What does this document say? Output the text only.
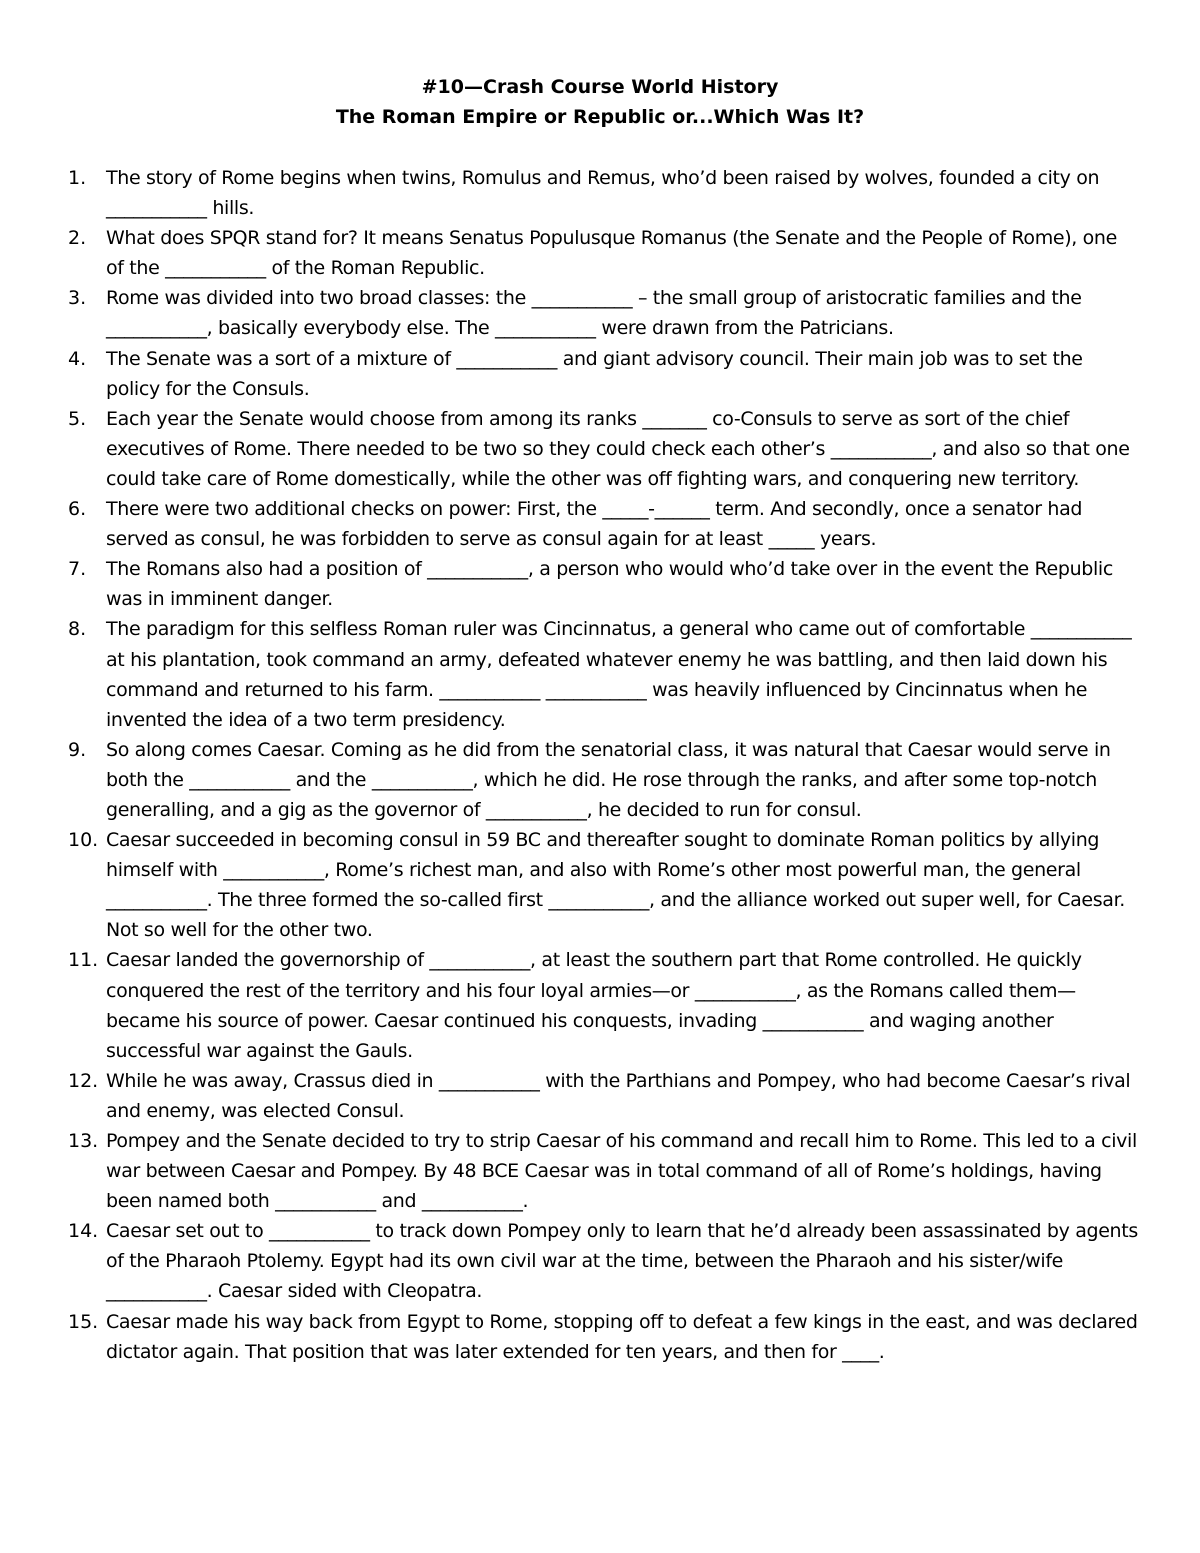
#10—Crash Course World History
The Roman Empire or Republic or...Which Was It?
1.	The story of Rome begins when twins, Romulus and Remus, who’d been raised by wolves, founded a city on ___________ hills.
2.	What does SPQR stand for? It means Senatus Populusque Romanus (the Senate and the People of Rome), one of the ___________ of the Roman Republic.
3.	Rome was divided into two broad classes: the ___________ – the small group of aristocratic families and the ___________, basically everybody else. The ___________ were drawn from the Patricians.
4.	The Senate was a sort of a mixture of ___________ and giant advisory council. Their main job was to set the policy for the Consuls.
5.	Each year the Senate would choose from among its ranks _______ co-Consuls to serve as sort of the chief executives of Rome. There needed to be two so they could check each other’s ___________, and also so that one could take care of Rome domestically, while the other was off fighting wars, and conquering new territory.
6.	There were two additional checks on power: First, the _____-______ term. And secondly, once a senator had served as consul, he was forbidden to serve as consul again for at least _____ years.
7.	The Romans also had a position of ___________, a person who would who’d take over in the event the Republic was in imminent danger.
8.	The paradigm for this selfless Roman ruler was Cincinnatus, a general who came out of comfortable ___________ at his plantation, took command an army, defeated whatever enemy he was battling, and then laid down his command and returned to his farm. ___________ ___________ was heavily influenced by Cincinnatus when he invented the idea of a two term presidency.
9.	So along comes Caesar. Coming as he did from the senatorial class, it was natural that Caesar would serve in both the ___________ and the ___________, which he did. He rose through the ranks, and after some top-notch generalling, and a gig as the governor of ___________, he decided to run for consul.
10. Caesar succeeded in becoming consul in 59 BC and thereafter sought to dominate Roman politics by allying himself with ___________, Rome’s richest man, and also with Rome’s other most powerful man, the general ___________. The three formed the so-called first ___________, and the alliance worked out super well, for Caesar. Not so well for the other two.
11. Caesar landed the governorship of ___________, at least the southern part that Rome controlled. He quickly conquered the rest of the territory and his four loyal armies—or ___________, as the Romans called them—became his source of power. Caesar continued his conquests, invading ___________ and waging another successful war against the Gauls.
12. While he was away, Crassus died in ___________ with the Parthians and Pompey, who had become Caesar’s rival and enemy, was elected Consul.
13. Pompey and the Senate decided to try to strip Caesar of his command and recall him to Rome. This led to a civil war between Caesar and Pompey. By 48 BCE Caesar was in total command of all of Rome’s holdings, having been named both ___________ and ___________.
14. Caesar set out to ___________ to track down Pompey only to learn that he’d already been assassinated by agents of the Pharaoh Ptolemy. Egypt had its own civil war at the time, between the Pharaoh and his sister/wife ___________. Caesar sided with Cleopatra.
15. Caesar made his way back from Egypt to Rome, stopping off to defeat a few kings in the east, and was declared dictator again. That position that was later extended for ten years, and then for ____.
